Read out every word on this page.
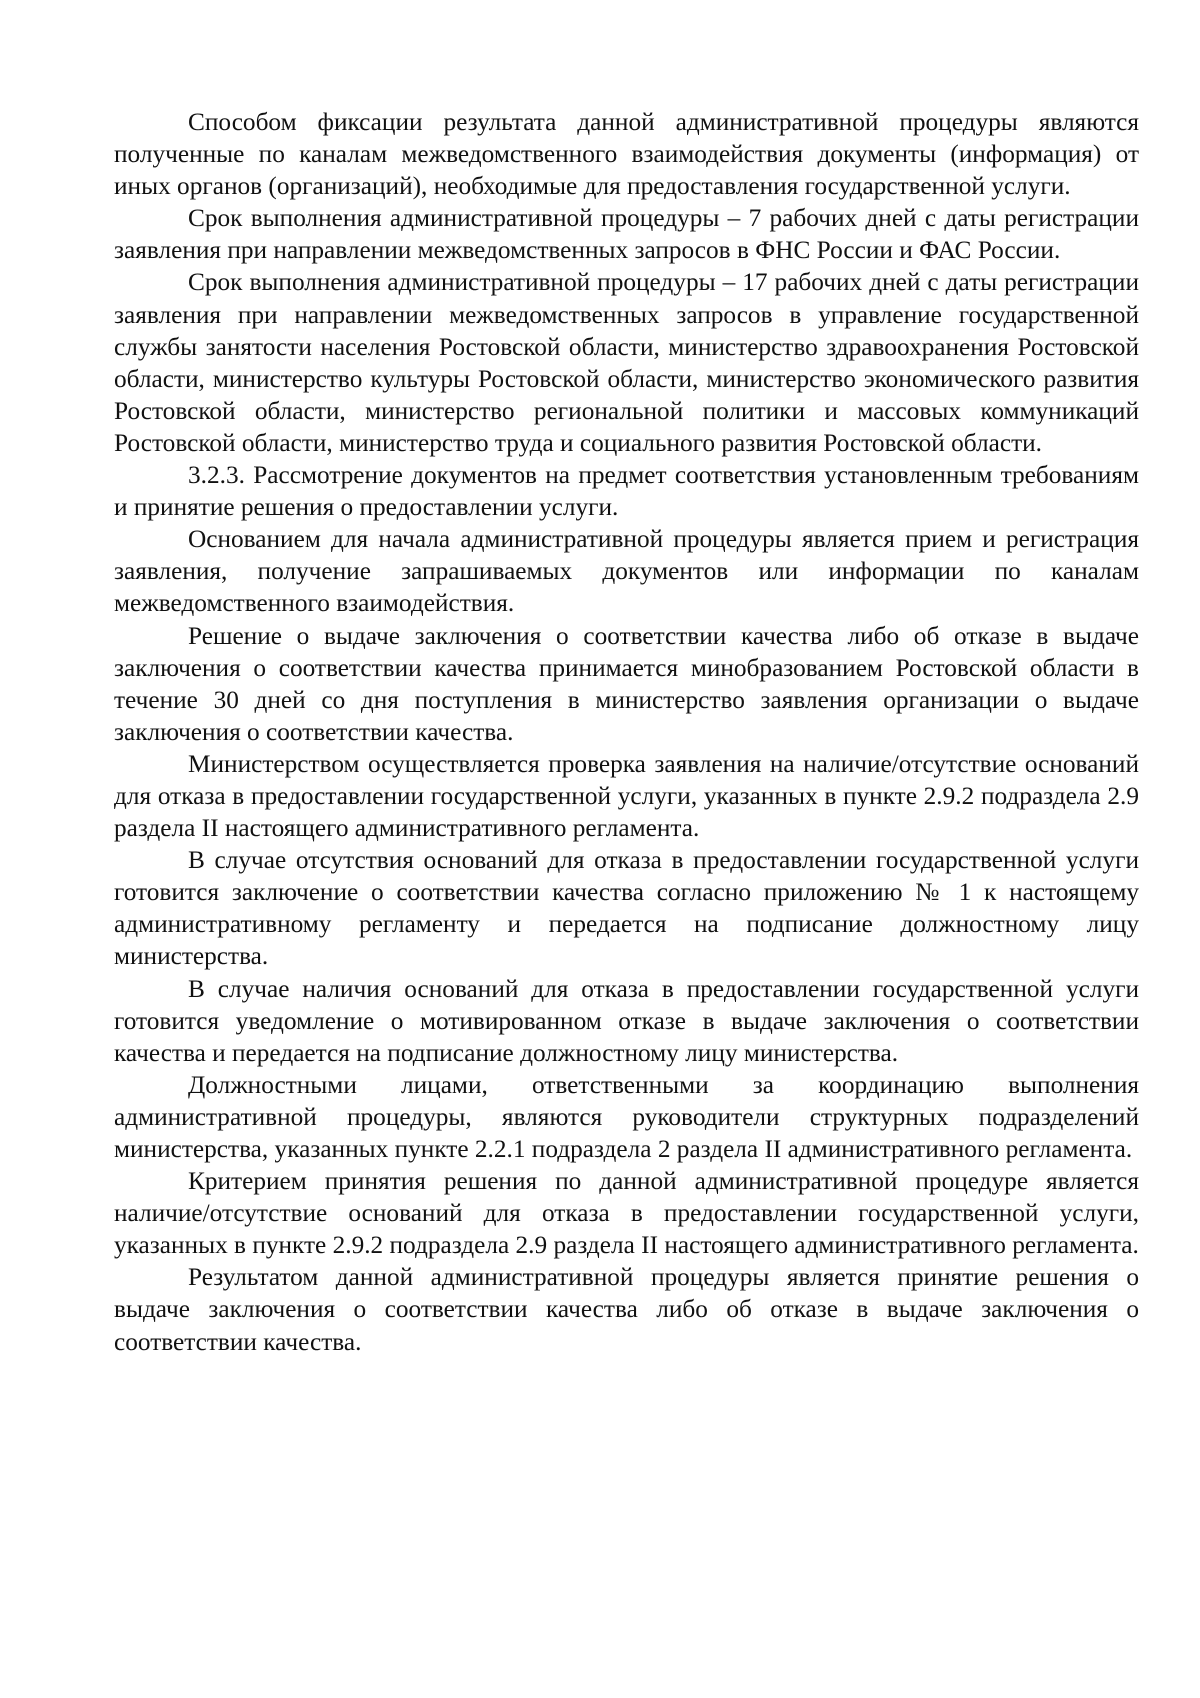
Способом фиксации результата данной административной процедуры являются полученные по каналам межведомственного взаимодействия документы (информация) от иных органов (организаций), необходимые для предоставления государственной услуги.

Срок выполнения административной процедуры – 7 рабочих дней с даты регистрации заявления при направлении межведомственных запросов в ФНС России и ФАС России.

Срок выполнения административной процедуры – 17 рабочих дней с даты регистрации заявления при направлении межведомственных запросов в управление государственной службы занятости населения Ростовской области, министерство здравоохранения Ростовской области, министерство культуры Ростовской области, министерство экономического развития Ростовской области, министерство региональной политики и массовых коммуникаций Ростовской области, министерство труда и социального развития Ростовской области.

3.2.3. Рассмотрение документов на предмет соответствия установленным требованиям и принятие решения о предоставлении услуги.

Основанием для начала административной процедуры является прием и регистрация заявления, получение запрашиваемых документов или информации по каналам межведомственного взаимодействия.

Решение о выдаче заключения о соответствии качества либо об отказе в выдаче заключения о соответствии качества принимается минобразованием Ростовской области в течение 30 дней со дня поступления в министерство заявления организации о выдаче заключения о соответствии качества.

Министерством осуществляется проверка заявления на наличие/отсутствие оснований для отказа в предоставлении государственной услуги, указанных в пункте 2.9.2 подраздела 2.9 раздела II настоящего административного регламента.

В случае отсутствия оснований для отказа в предоставлении государственной услуги готовится заключение о соответствии качества согласно приложению № 1 к настоящему административному регламенту и передается на подписание должностному лицу министерства.

В случае наличия оснований для отказа в предоставлении государственной услуги готовится уведомление о мотивированном отказе в выдаче заключения о соответствии качества и передается на подписание должностному лицу министерства.

Должностными лицами, ответственными за координацию выполнения административной процедуры, являются руководители структурных подразделений министерства, указанных пункте 2.2.1 подраздела 2 раздела II административного регламента.

Критерием принятия решения по данной административной процедуре является наличие/отсутствие оснований для отказа в предоставлении государственной услуги, указанных в пункте 2.9.2 подраздела 2.9 раздела II настоящего административного регламента.

Результатом данной административной процедуры является принятие решения о выдаче заключения о соответствии качества либо об отказе в выдаче заключения о соответствии качества.
